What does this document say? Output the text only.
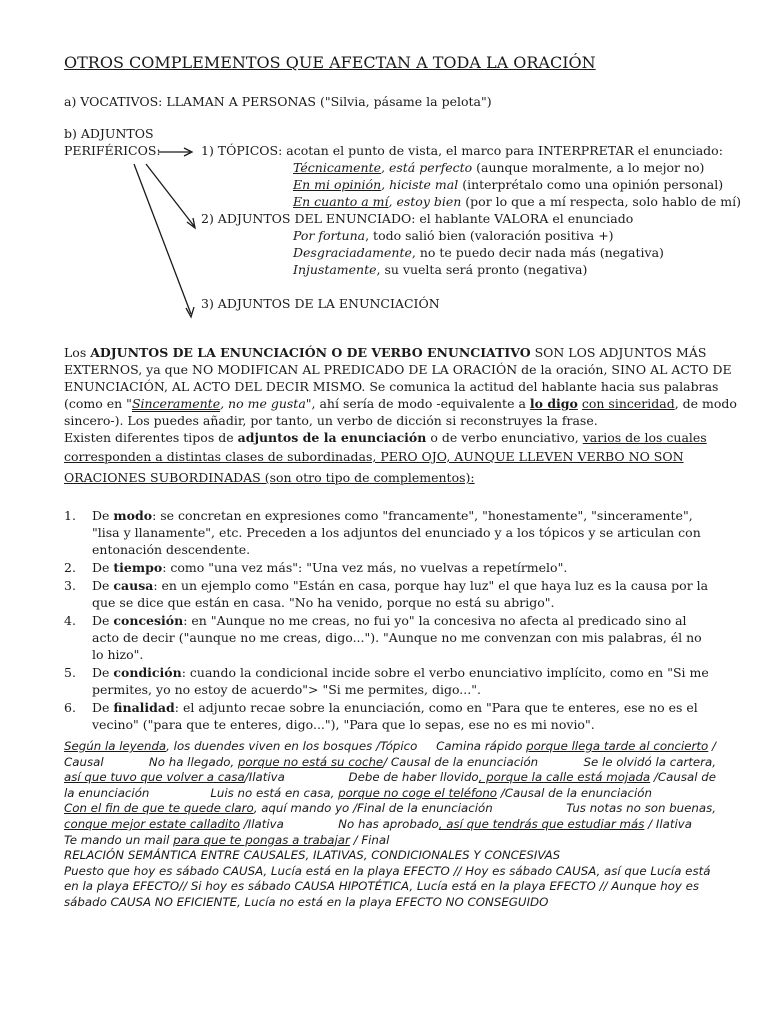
OTROS COMPLEMENTOS QUE AFECTAN A TODA LA ORACIÓN
a) VOCATIVOS: LLAMAN A PERSONAS ("Silvia, pásame la pelota")
b) ADJUNTOS
PERIFÉRICOS:	1) TÓPICOS: acotan el punto de vista, el marco para INTERPRETAR el enunciado:
Técnicamente, está perfecto (aunque moralmente, a lo mejor no)
En mi opinión, hiciste mal (interprétalo como una opinión personal)
En cuanto a mí, estoy bien (por lo que a mí respecta, solo hablo de mí)
2) ADJUNTOS DEL ENUNCIADO: el hablante VALORA el enunciado
Por fortuna, todo salió bien (valoración positiva +)
Desgraciadamente, no te puedo decir nada más (negativa)
Injustamente, su vuelta será pronto (negativa)
3) ADJUNTOS DE LA ENUNCIACIÓN
Los ADJUNTOS DE LA ENUNCIACIÓN O DE VERBO ENUNCIATIVO SON LOS ADJUNTOS MÁS
EXTERNOS, ya que NO MODIFICAN AL PREDICADO DE LA ORACIÓN de la oración, SINO AL ACTO DE
ENUNCIACIÓN, AL ACTO DEL DECIR MISMO. Se comunica la actitud del hablante hacia sus palabras
(como en "Sinceramente, no me gusta", ahí sería de modo -equivalente a lo digo con sinceridad, de modo
sincero-). Los puedes añadir, por tanto, un verbo de dicción si reconstruyes la frase.
Existen diferentes tipos de adjuntos de la enunciación o de verbo enunciativo, varios de los cuales
corresponden a distintas clases de subordinadas, PERO OJO, AUNQUE LLEVEN VERBO NO SON
ORACIONES SUBORDINADAS (son otro tipo de complementos):
1.	De modo: se concretan en expresiones como "francamente", "honestamente", "sinceramente", "lisa y llanamente", etc. Preceden a los adjuntos del enunciado y a los tópicos y se articulan con entonación descendente.
2.	De tiempo: como "una vez más": "Una vez más, no vuelvas a repetírmelo".
3.	De causa: en un ejemplo como "Están en casa, porque hay luz" el que haya luz es la causa por la que se dice que están en casa. "No ha venido, porque no está su abrigo".
4.	De concesión: en "Aunque no me creas, no fui yo" la concesiva no afecta al predicado sino al acto de decir ("aunque no me creas, digo..."). "Aunque no me convenzan con mis palabras, él no lo hizo".
5.	De condición: cuando la condicional incide sobre el verbo enunciativo implícito, como en "Si me permites, yo no estoy de acuerdo"> "Si me permites, digo...".
6.	De finalidad: el adjunto recae sobre la enunciación, como en "Para que te enteres, ese no es el vecino" ("para que te enteres, digo..."), "Para que lo sepas, ese no es mi novio".
Según la leyenda, los duendes viven en los bosques /Tópico Camina rápido porque llega tarde al concierto /
Causal	No ha llegado, porque no está su coche/ Causal de la enunciación	Se le olvidó la cartera,
así que tuvo que volver a casa/Ilativa	Debe de haber llovido, porque la calle está mojada /Causal de
la enunciación	Luis no está en casa, porque no coge el teléfono /Causal de la enunciación
Con el fin de que te quede claro, aquí mando yo /Final de la enunciación	Tus notas no son buenas,
conque mejor estate calladito /Ilativa	No has aprobado, así que tendrás que estudiar más / Ilativa
Te mando un mail para que te pongas a trabajar / Final
RELACIÓN SEMÁNTICA ENTRE CAUSALES, ILATIVAS, CONDICIONALES Y CONCESIVAS
Puesto que hoy es sábado CAUSA, Lucía está en la playa EFECTO // Hoy es sábado CAUSA, así que Lucía está
en la playa EFECTO// Si hoy es sábado CAUSA HIPOTÉTICA, Lucía está en la playa EFECTO // Aunque hoy es
sábado CAUSA NO EFICIENTE, Lucía no está en la playa EFECTO NO CONSEGUIDO
